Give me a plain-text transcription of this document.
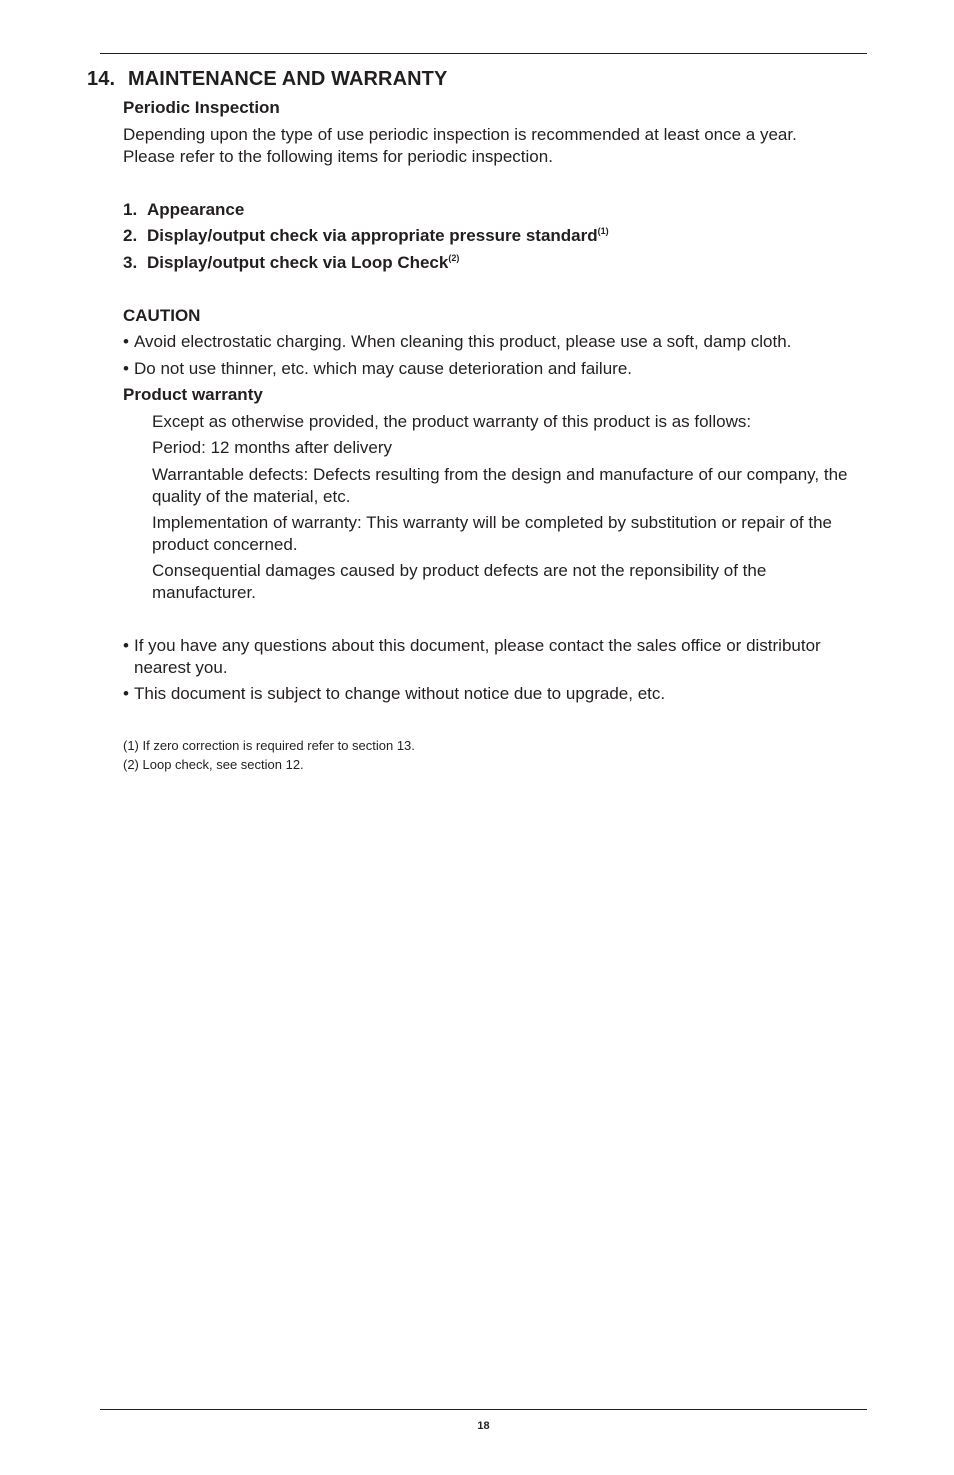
14. MAINTENANCE AND WARRANTY
Periodic Inspection
Depending upon the type of use periodic inspection is recommended at least once a year.
Please refer to the following items for periodic inspection.
1. Appearance
2. Display/output check via appropriate pressure standard$^{(1)}$
3. Display/output check via Loop Check$^{(2)}$
CAUTION
• Avoid electrostatic charging. When cleaning this product, please use a soft, damp cloth.
• Do not use thinner, etc. which may cause deterioration and failure.
Product warranty
Except as otherwise provided, the product warranty of this product is as follows:
Period: 12 months after delivery
Warrantable defects: Defects resulting from the design and manufacture of our company, the quality of the material, etc.
Implementation of warranty: This warranty will be completed by substitution or repair of the product concerned.
Consequential damages caused by product defects are not the reponsibility of the manufacturer.
• If you have any questions about this document, please contact the sales office or distributor nearest you.
• This document is subject to change without notice due to upgrade, etc.
(1) If zero correction is required refer to section 13.
(2) Loop check, see section 12.
18
